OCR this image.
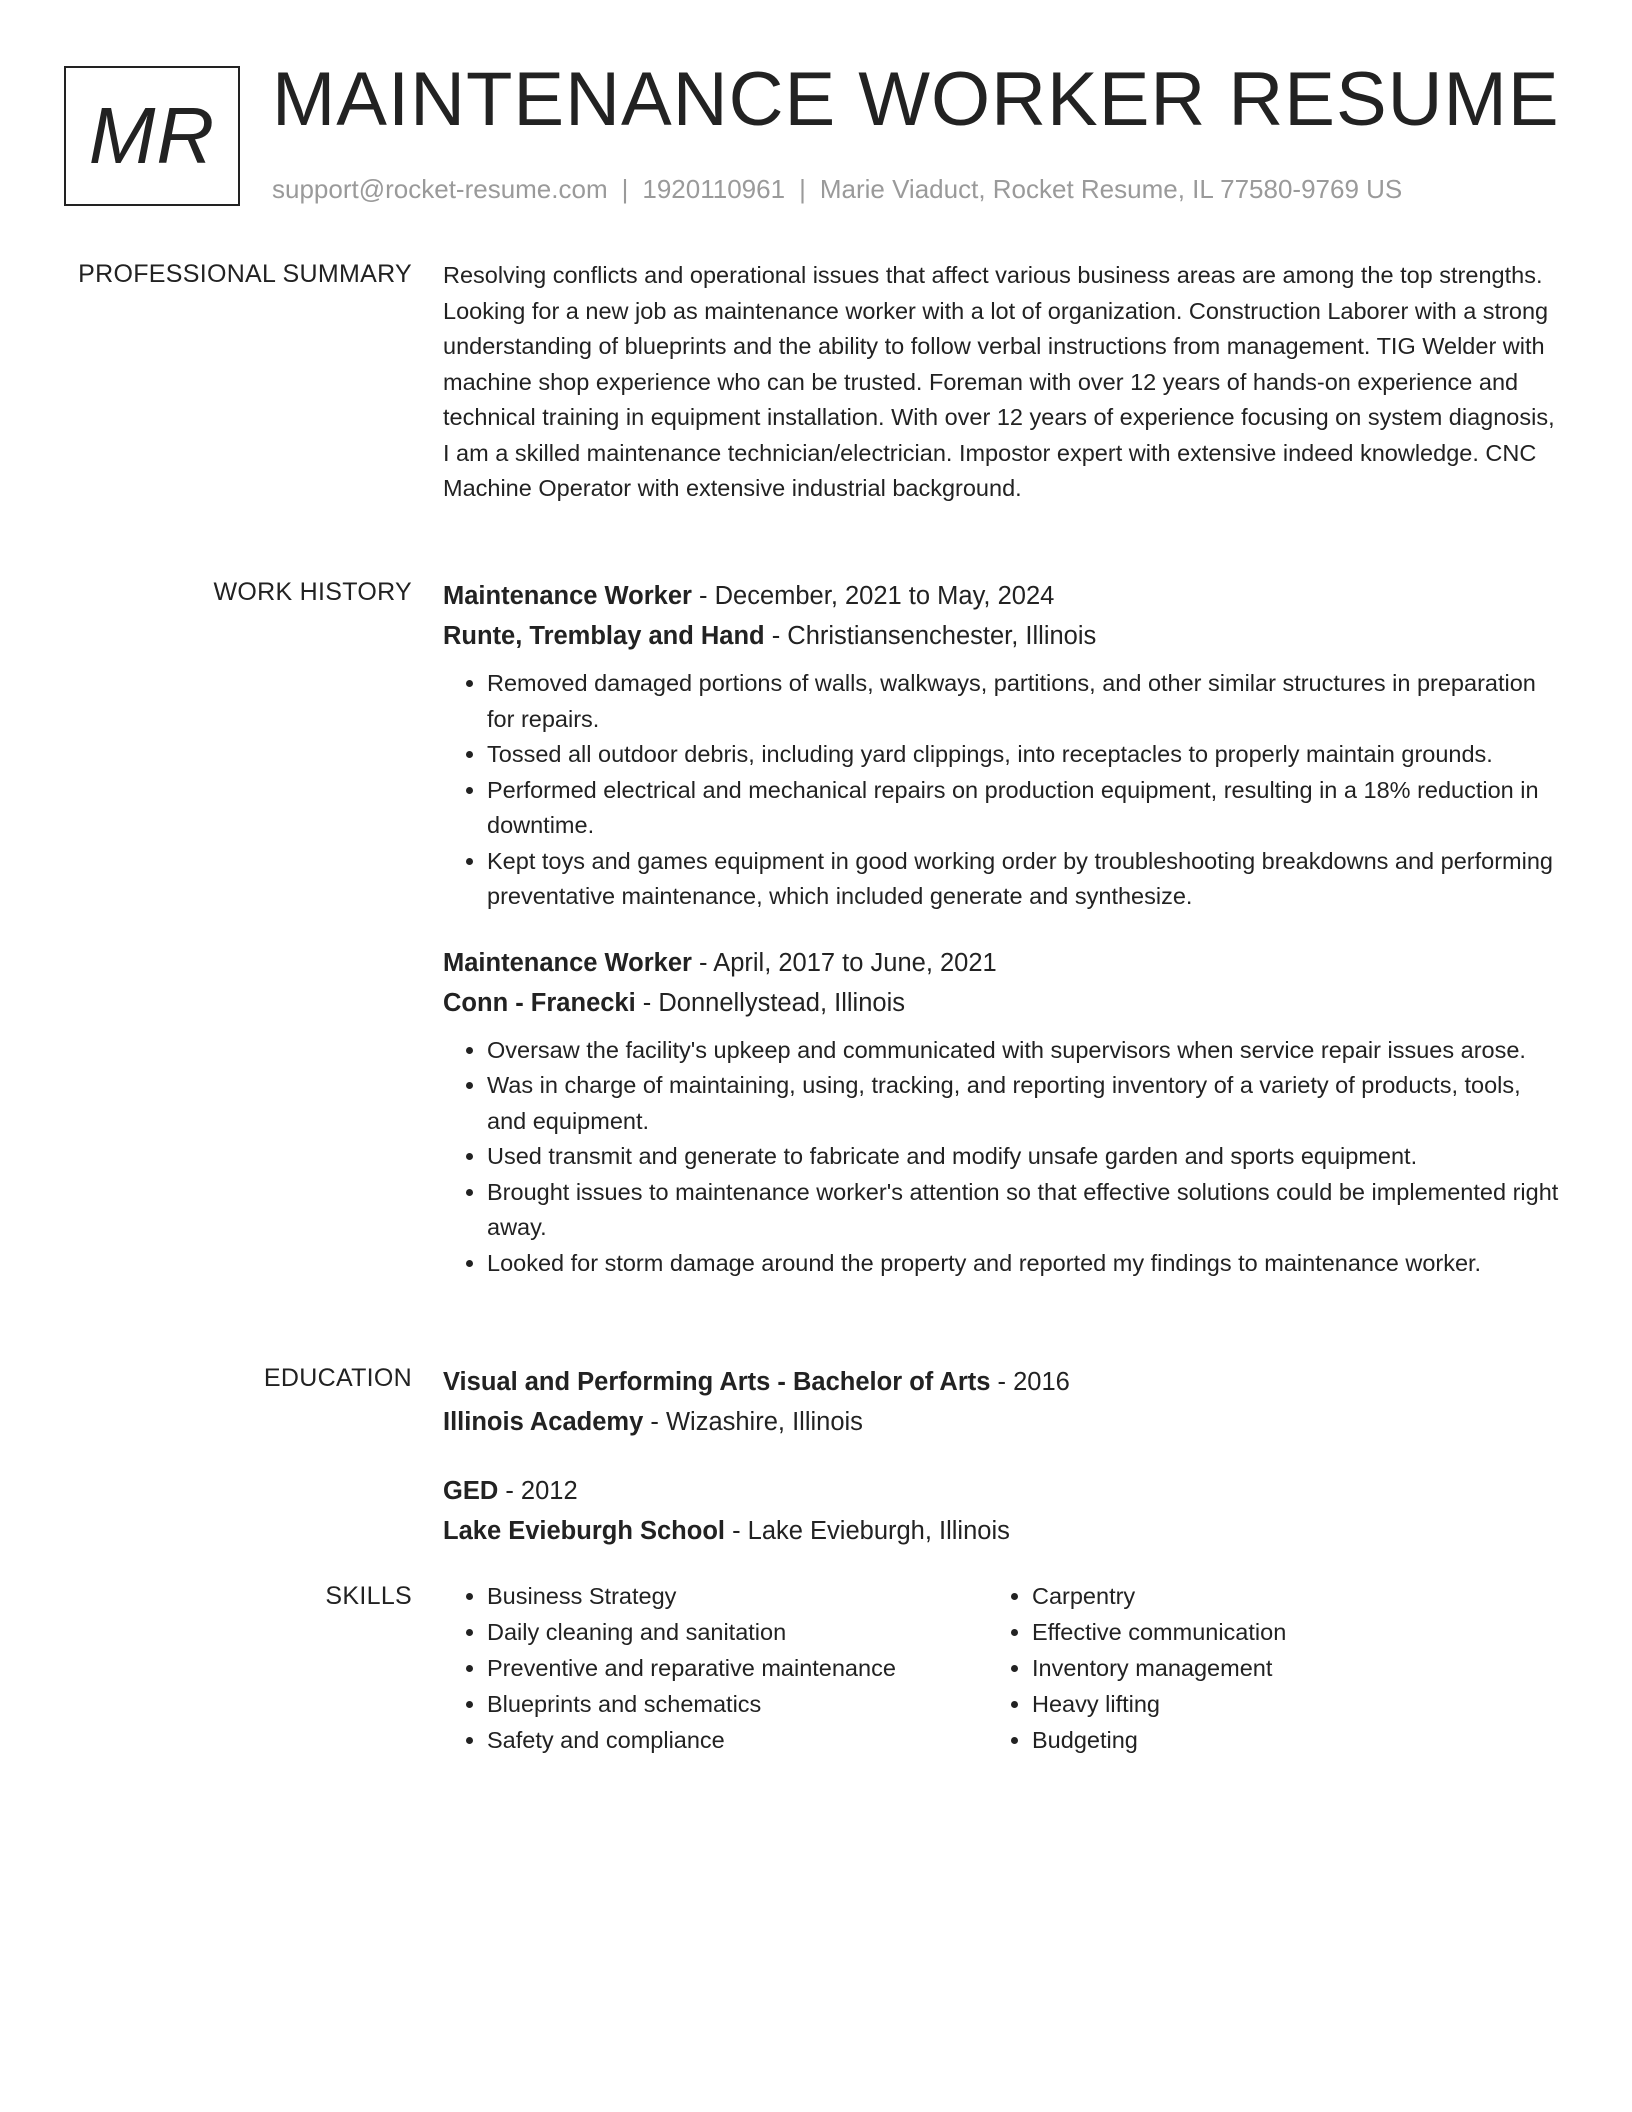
MR MAINTENANCE WORKER RESUME
support@rocket-resume.com | 1920110961 | Marie Viaduct, Rocket Resume, IL 77580-9769 US
PROFESSIONAL SUMMARY Resolving conflicts and operational issues that affect various business areas are among the top strengths. Looking for a new job as maintenance worker with a lot of organization. Construction Laborer with a strong understanding of blueprints and the ability to follow verbal instructions from management. TIG Welder with machine shop experience who can be trusted. Foreman with over 12 years of hands-on experience and technical training in equipment installation. With over 12 years of experience focusing on system diagnosis, I am a skilled maintenance technician/electrician. Impostor expert with extensive indeed knowledge. CNC Machine Operator with extensive industrial background.

WORK HISTORY Maintenance Worker - December, 2021 to May, 2024
Runte, Tremblay and Hand - Christiansenchester, Illinois
• Removed damaged portions of walls, walkways, partitions, and other similar structures in preparation for repairs.
• Tossed all outdoor debris, including yard clippings, into receptacles to properly maintain grounds.
• Performed electrical and mechanical repairs on production equipment, resulting in a 18% reduction in downtime.
• Kept toys and games equipment in good working order by troubleshooting breakdowns and performing preventative maintenance, which included generate and synthesize.
Maintenance Worker - April, 2017 to June, 2021
Conn - Franecki - Donnellystead, Illinois
• Oversaw the facility's upkeep and communicated with supervisors when service repair issues arose.
• Was in charge of maintaining, using, tracking, and reporting inventory of a variety of products, tools, and equipment.
• Used transmit and generate to fabricate and modify unsafe garden and sports equipment.
• Brought issues to maintenance worker's attention so that effective solutions could be implemented right away.
• Looked for storm damage around the property and reported my findings to maintenance worker.
EDUCATION Visual and Performing Arts - Bachelor of Arts - 2016
Illinois Academy - Wizashire, Illinois
GED - 2012
Lake Evieburgh School - Lake Evieburgh, Illinois
SKILLS
•	Business Strategy
• Daily cleaning and sanitation
• Preventive and reparative maintenance
• Blueprints and schematics
• Safety and compliance
• Carpentry
• Effective communication
• Inventory management
• Heavy lifting
• Budgeting
